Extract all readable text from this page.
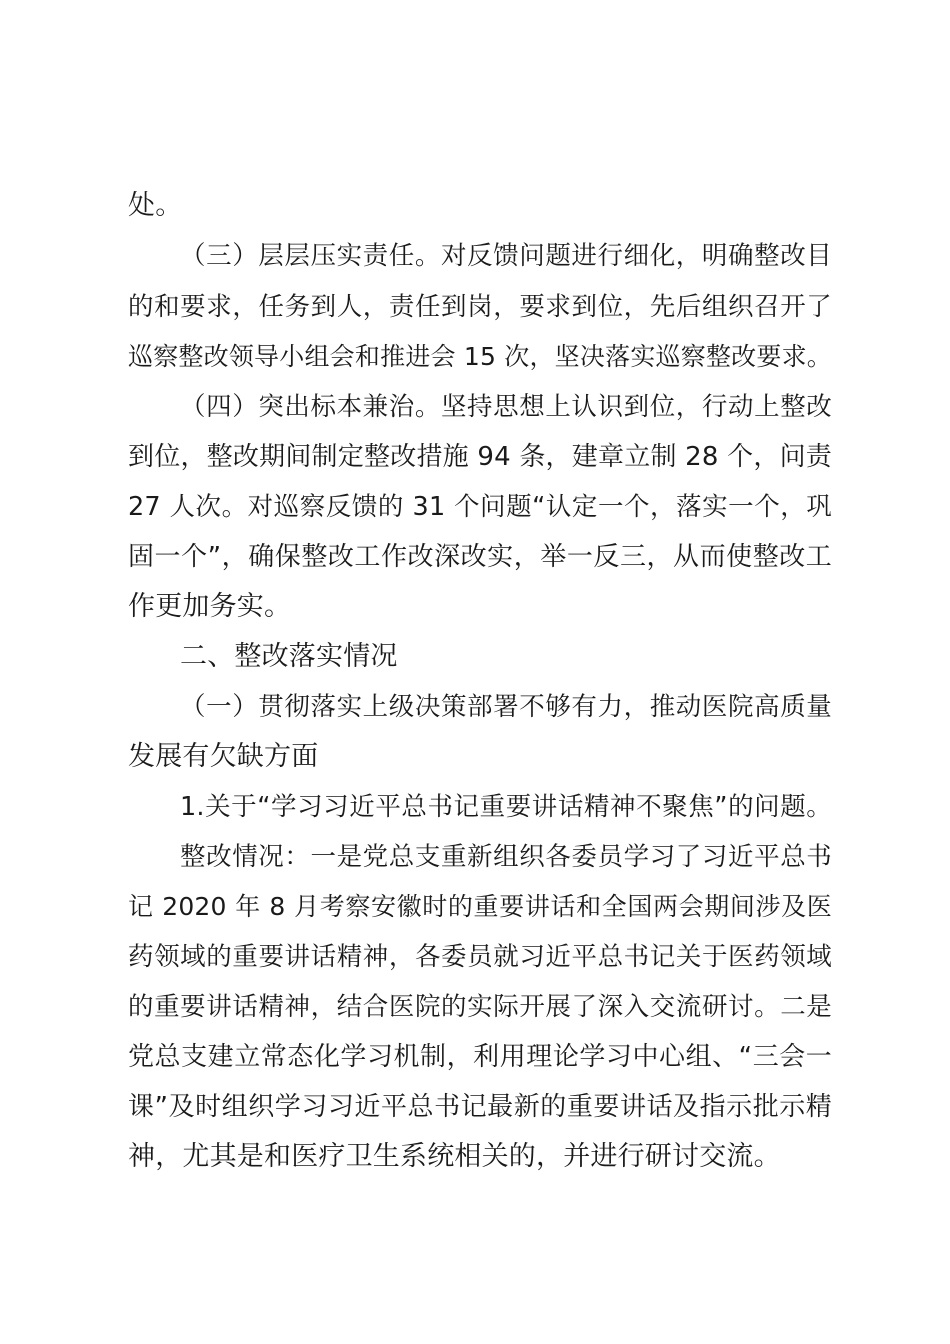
处。
（三）层层压实责任。对反馈问题进行细化，明确整改目
的和要求，任务到人，责任到岗，要求到位，先后组织召开了
巡察整改领导小组会和推进会 15 次，坚决落实巡察整改要求。
（四）突出标本兼治。坚持思想上认识到位，行动上整改
到位，整改期间制定整改措施 94 条，建章立制 28 个，问责
27 人次。对巡察反馈的 31 个问题“认定一个，落实一个，巩
固一个”，确保整改工作改深改实，举一反三，从而使整改工
作更加务实。
二、整改落实情况
（一）贯彻落实上级决策部署不够有力，推动医院高质量
发展有欠缺方面
1.关于“学习习近平总书记重要讲话精神不聚焦”的问题。
整改情况：一是党总支重新组织各委员学习了习近平总书
记 2020 年 8 月考察安徽时的重要讲话和全国两会期间涉及医
药领域的重要讲话精神，各委员就习近平总书记关于医药领域
的重要讲话精神，结合医院的实际开展了深入交流研讨。二是
党总支建立常态化学习机制，利用理论学习中心组、“三会一
课”及时组织学习习近平总书记最新的重要讲话及指示批示精
神，尤其是和医疗卫生系统相关的，并进行研讨交流。
